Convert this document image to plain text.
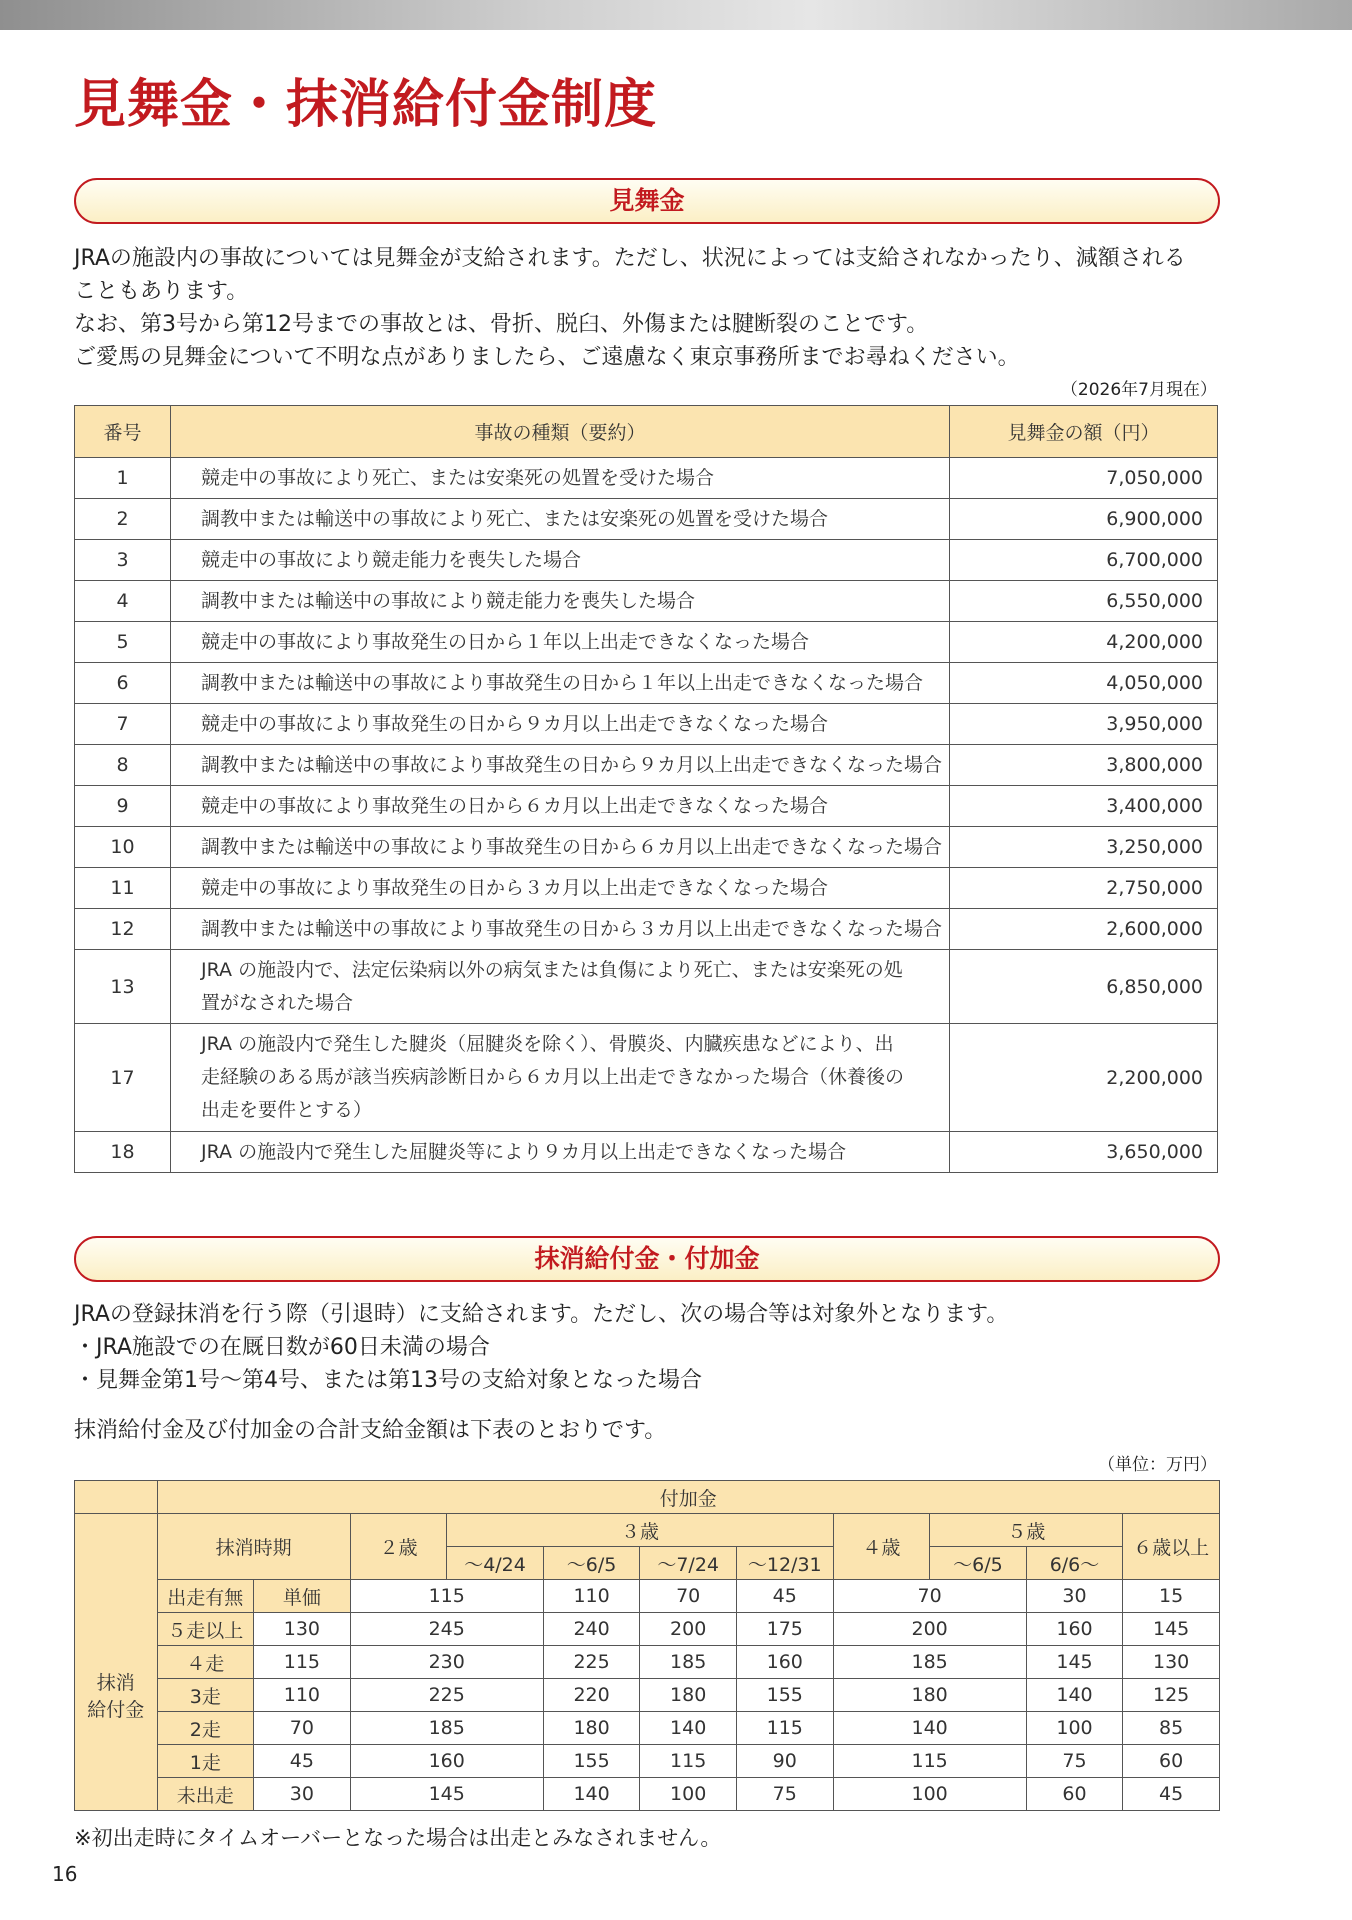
見舞金・抹消給付金制度
見舞金
JRAの施設内の事故については見舞金が支給されます。ただし、状況によっては支給されなかったり、減額される
こともあります。
なお、第3号から第12号までの事故とは、骨折、脱臼、外傷または腱断裂のことです。
ご愛馬の見舞金について不明な点がありましたら、ご遠慮なく東京事務所までお尋ねください。
（2026年7月現在）
番号	事故の種類（要約）	見舞金の額（円）
1	競走中の事故により死亡、または安楽死の処置を受けた場合	7,050,000
2	調教中または輸送中の事故により死亡、または安楽死の処置を受けた場合	6,900,000
3	競走中の事故により競走能力を喪失した場合	6,700,000
4	調教中または輸送中の事故により競走能力を喪失した場合	6,550,000
5	競走中の事故により事故発生の日から１年以上出走できなくなった場合	4,200,000
6	調教中または輸送中の事故により事故発生の日から１年以上出走できなくなった場合	4,050,000
7	競走中の事故により事故発生の日から９カ月以上出走できなくなった場合	3,950,000
8	調教中または輸送中の事故により事故発生の日から９カ月以上出走できなくなった場合	3,800,000
9	競走中の事故により事故発生の日から６カ月以上出走できなくなった場合	3,400,000
10	調教中または輸送中の事故により事故発生の日から６カ月以上出走できなくなった場合	3,250,000
11	競走中の事故により事故発生の日から３カ月以上出走できなくなった場合	2,750,000
12	調教中または輸送中の事故により事故発生の日から３カ月以上出走できなくなった場合	2,600,000
13	JRA の施設内で、法定伝染病以外の病気または負傷により死亡、または安楽死の処置がなされた場合	6,850,000
17	JRA の施設内で発生した腱炎（屈腱炎を除く）、骨膜炎、内臓疾患などにより、出走経験のある馬が該当疾病診断日から６カ月以上出走できなかった場合（休養後の出走を要件とする）	2,200,000
18	JRA の施設内で発生した屈腱炎等により９カ月以上出走できなくなった場合	3,650,000
抹消給付金・付加金
JRAの登録抹消を行う際（引退時）に支給されます。ただし、次の場合等は対象外となります。
・JRA施設での在厩日数が60日未満の場合
・見舞金第1号～第4号、または第13号の支給対象となった場合
抹消給付金及び付加金の合計支給金額は下表のとおりです。
（単位：万円）
	付加金										
	抹消時期		２歳	３歳				４歳	５歳		６歳以上
				～4/24	～6/5	～7/24	～12/31		～6/5	6/6～	
抹消
給付金	出走有無	単価	115		110	70	45	70		30	15
	５走以上	130	245		240	200	175	200		160	145
	４走	115	230		225	185	160	185		145	130
	3走	110	225		220	180	155	180		140	125
	2走	70	185		180	140	115	140		100	85
	1走	45	160		155	115	90	115		75	60
	未出走	30	145		140	100	75	100		60	45
※初出走時にタイムオーバーとなった場合は出走とみなされません。
16
